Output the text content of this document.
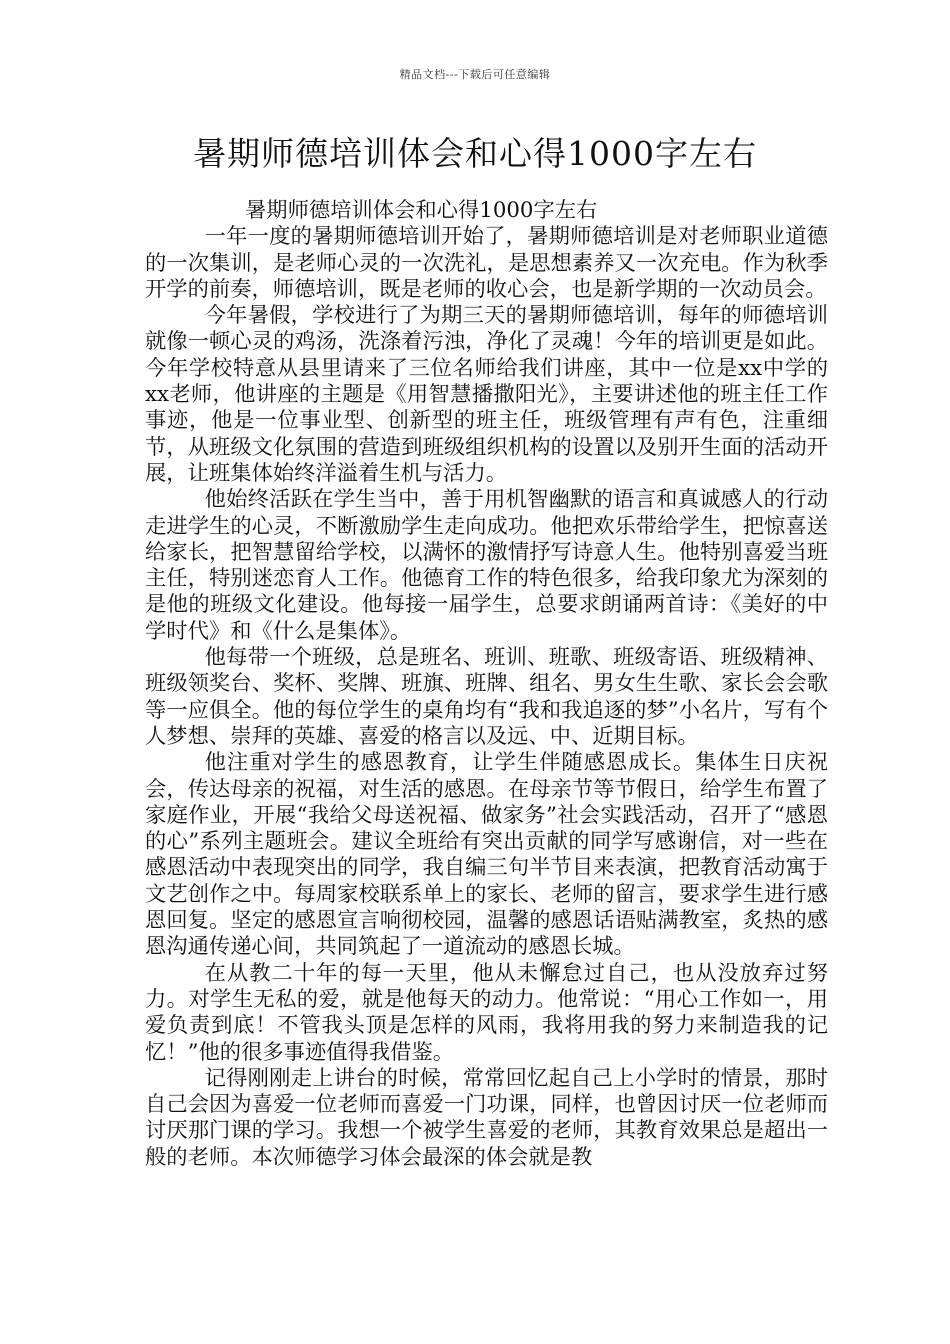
精品文档---下载后可任意编辑
暑期师德培训体会和心得1000字左右

暑期师德培训体会和心得1000字左右

一年一度的暑期师德培训开始了，暑期师德培训是对老师职业道德的一次集训，是老师心灵的一次洗礼，是思想素养又一次充电。作为秋季开学的前奏，师德培训，既是老师的收心会，也是新学期的一次动员会。

今年暑假，学校进行了为期三天的暑期师德培训，每年的师德培训就像一顿心灵的鸡汤，洗涤着污浊，净化了灵魂！今年的培训更是如此。今年学校特意从县里请来了三位名师给我们讲座，其中一位是xx中学的xx老师，他讲座的主题是《用智慧播撒阳光》，主要讲述他的班主任工作事迹，他是一位事业型、创新型的班主任，班级管理有声有色，注重细节，从班级文化氛围的营造到班级组织机构的设置以及别开生面的活动开展，让班集体始终洋溢着生机与活力。

他始终活跃在学生当中，善于用机智幽默的语言和真诚感人的行动走进学生的心灵，不断激励学生走向成功。他把欢乐带给学生，把惊喜送给家长，把智慧留给学校，以满怀的激情抒写诗意人生。他特别喜爱当班主任，特别迷恋育人工作。他德育工作的特色很多，给我印象尤为深刻的是他的班级文化建设。他每接一届学生，总要求朗诵两首诗：《美好的中学时代》和《什么是集体》。

他每带一个班级，总是班名、班训、班歌、班级寄语、班级精神、班级领奖台、奖杯、奖牌、班旗、班牌、组名、男女生生歌、家长会会歌等一应俱全。他的每位学生的桌角均有“我和我追逐的梦”小名片，写有个人梦想、崇拜的英雄、喜爱的格言以及远、中、近期目标。

他注重对学生的感恩教育，让学生伴随感恩成长。集体生日庆祝会，传达母亲的祝福，对生活的感恩。在母亲节等节假日，给学生布置了家庭作业，开展“我给父母送祝福、做家务”社会实践活动，召开了“感恩的心”系列主题班会。建议全班给有突出贡献的同学写感谢信，对一些在感恩活动中表现突出的同学，我自编三句半节目来表演，把教育活动寓于文艺创作之中。每周家校联系单上的家长、老师的留言，要求学生进行感恩回复。坚定的感恩宣言响彻校园，温馨的感恩话语贴满教室，炙热的感恩沟通传递心间，共同筑起了一道流动的感恩长城。

在从教二十年的每一天里，他从未懈怠过自己，也从没放弃过努力。对学生无私的爱，就是他每天的动力。他常说：“用心工作如一，用爱负责到底！不管我头顶是怎样的风雨，我将用我的努力来制造我的记忆！”他的很多事迹值得我借鉴。

记得刚刚走上讲台的时候，常常回忆起自己上小学时的情景，那时自己会因为喜爱一位老师而喜爱一门功课，同样，也曾因讨厌一位老师而讨厌那门课的学习。我想一个被学生喜爱的老师，其教育效果总是超出一般的老师。本次师德学习体会最深的体会就是教
